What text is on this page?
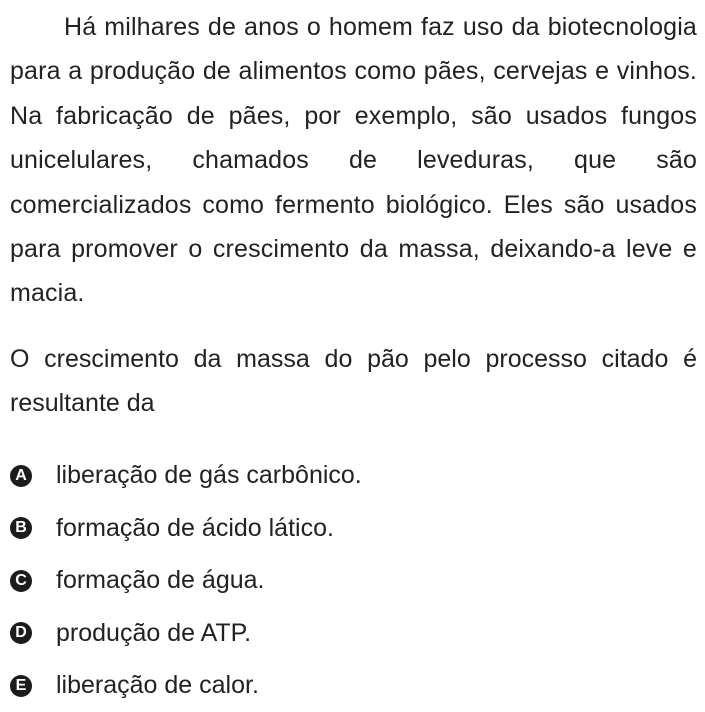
Há milhares de anos o homem faz uso da biotecnologia para a produção de alimentos como pães, cervejas e vinhos. Na fabricação de pães, por exemplo, são usados fungos unicelulares, chamados de leveduras, que são comercializados como fermento biológico. Eles são usados para promover o crescimento da massa, deixando-a leve e macia.

O crescimento da massa do pão pelo processo citado é resultante da

A liberação de gás carbônico.
B formação de ácido lático.
C formação de água.
D produção de ATP.
E liberação de calor.
